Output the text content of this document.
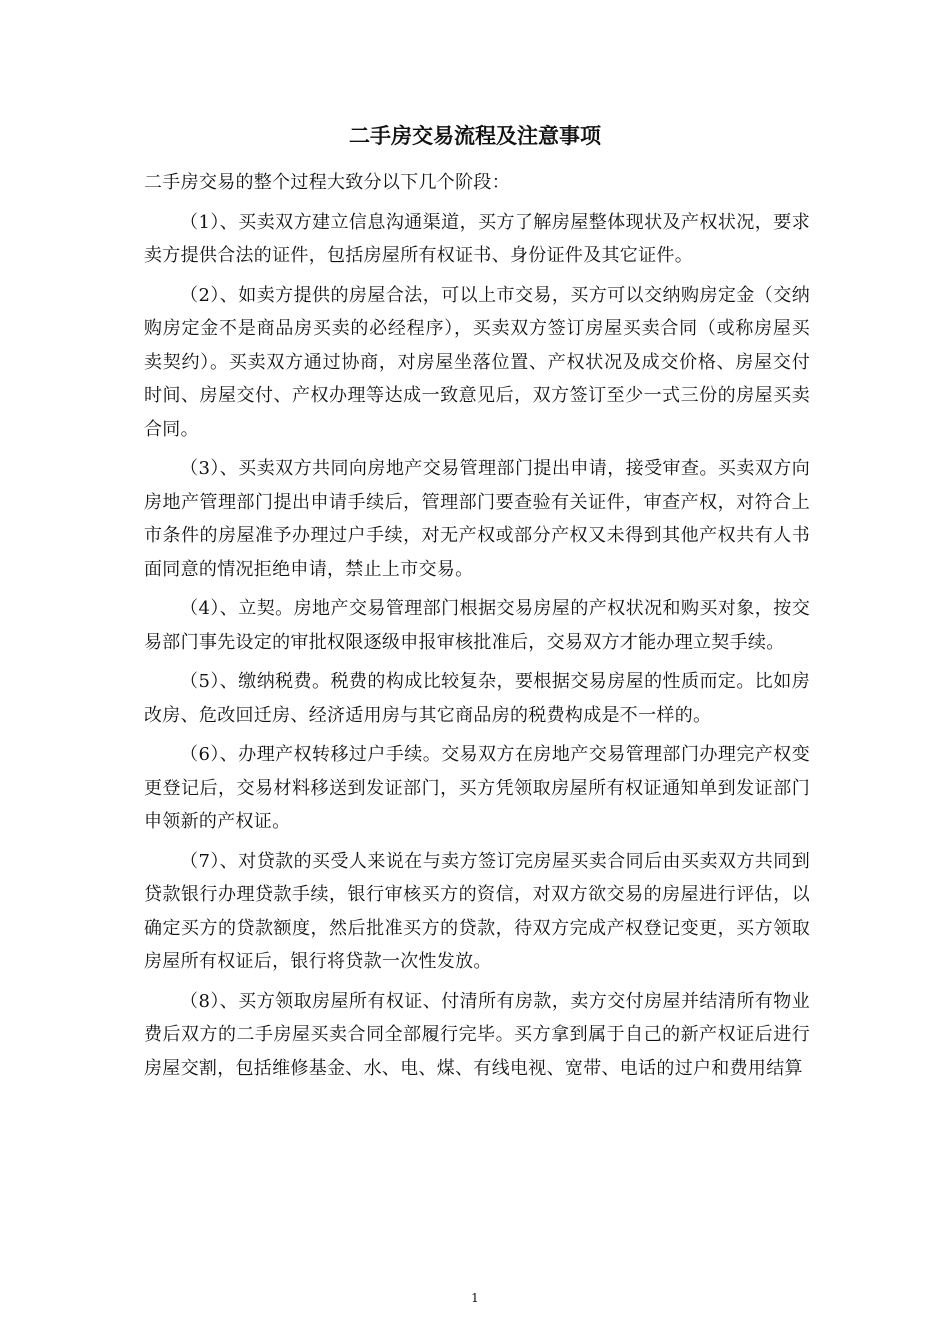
二手房交易流程及注意事项

二手房交易的整个过程大致分以下几个阶段：

（1）、买卖双方建立信息沟通渠道，买方了解房屋整体现状及产权状况，要求卖方提供合法的证件，包括房屋所有权证书、身份证件及其它证件。

（2）、如卖方提供的房屋合法，可以上市交易，买方可以交纳购房定金（交纳购房定金不是商品房买卖的必经程序），买卖双方签订房屋买卖合同（或称房屋买卖契约）。买卖双方通过协商，对房屋坐落位置、产权状况及成交价格、房屋交付时间、房屋交付、产权办理等达成一致意见后，双方签订至少一式三份的房屋买卖合同。

（3）、买卖双方共同向房地产交易管理部门提出申请，接受审查。买卖双方向房地产管理部门提出申请手续后，管理部门要查验有关证件，审查产权，对符合上市条件的房屋准予办理过户手续，对无产权或部分产权又未得到其他产权共有人书面同意的情况拒绝申请，禁止上市交易。

（4）、立契。房地产交易管理部门根据交易房屋的产权状况和购买对象，按交易部门事先设定的审批权限逐级申报审核批准后，交易双方才能办理立契手续。

（5）、缴纳税费。税费的构成比较复杂，要根据交易房屋的性质而定。比如房改房、危改回迁房、经济适用房与其它商品房的税费构成是不一样的。

（6）、办理产权转移过户手续。交易双方在房地产交易管理部门办理完产权变更登记后，交易材料移送到发证部门，买方凭领取房屋所有权证通知单到发证部门申领新的产权证。

（7）、对贷款的买受人来说在与卖方签订完房屋买卖合同后由买卖双方共同到贷款银行办理贷款手续，银行审核买方的资信，对双方欲交易的房屋进行评估，以确定买方的贷款额度，然后批准买方的贷款，待双方完成产权登记变更，买方领取房屋所有权证后，银行将贷款一次性发放。

（8）、买方领取房屋所有权证、付清所有房款，卖方交付房屋并结清所有物业费后双方的二手房屋买卖合同全部履行完毕。买方拿到属于自己的新产权证后进行房屋交割，包括维修基金、水、电、煤、有线电视、宽带、电话的过户和费用结算

1
